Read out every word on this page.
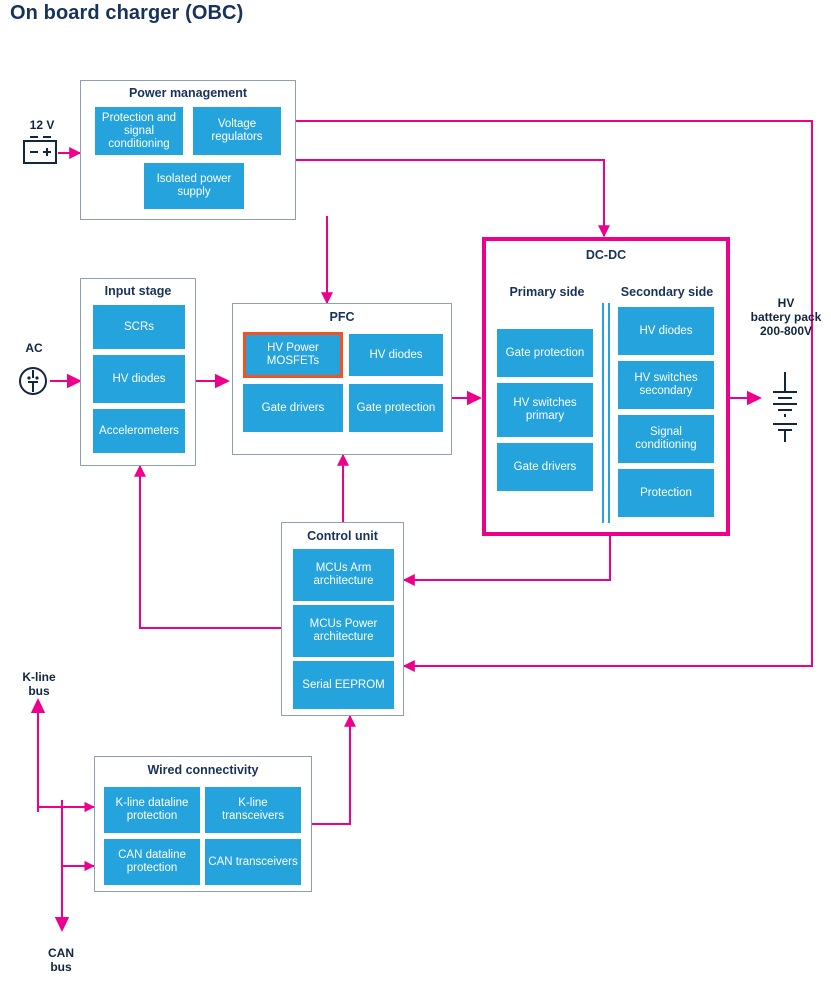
On board charger (OBC)
12 V
AC
HV
battery pack
200-800V
K-line
bus
CAN
bus
Power management
Protection and signal conditioning
Voltage regulators
Isolated power supply
Input stage
SCRs
HV diodes
Accelerometers
PFC
HV Power MOSFETs
HV diodes
Gate drivers	Gate protection
DC-DC
Primary side	Secondary side
Gate protection
HV switches primary
Gate drivers
HV diodes
HV switches secondary
Signal conditioning
Protection
Control unit
MCUs Arm architecture
MCUs Power architecture
Serial EEPROM
Wired connectivity
K-line dataline protection
K-line transceivers
CAN dataline protection
CAN transceivers
